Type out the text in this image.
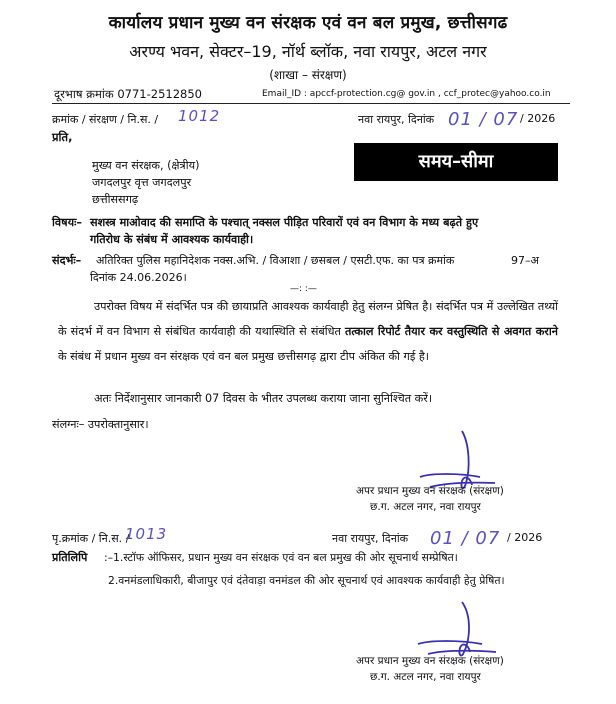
कार्यालय प्रधान मुख्य वन संरक्षक एवं वन बल प्रमुख, छत्तीसगढ
अरण्य भवन, सेक्टर–19, नॉर्थ ब्लॉक, नवा रायपुर, अटल नगर
(शाखा – संरक्षण)
दूरभाष क्रमांक 0771-2512850	Email_ID : apccf-protection.cg@ gov.in , ccf_protec@yahoo.co.in
क्रमांक / संरक्षण / नि.स. / 1012	नवा रायपुर, दिनांक 01 / 07 / 2026
प्रति,
मुख्य वन संरक्षक, (क्षेत्रीय)
जगदलपुर वृत्त जगदलपुर
छत्तीससगढ़
समय–सीमा
विषयः– सशस्त्र माओवाद की समाप्ति के पश्चात् नक्सल पीड़ित परिवारों एवं वन विभाग के मध्य बढ़ते हुए
गतिरोध के संबंध में आवश्यक कार्यवाही।
संदर्भः– अतिरिक्त पुलिस महानिदेशक नक्स.अभि. / विआशा / छसबल / एसटी.एफ. का पत्र क्रमांक	97–अ
दिनांक 24.06.2026।
—: :—
उपरोक्त विषय में संदर्भित पत्र की छायाप्रति आवश्यक कार्यवाही हेतु संलग्न प्रेषित है। संदर्भित पत्र में उल्लेखित तथ्यों के संदर्भ में वन विभाग से संबंधित कार्यवाही की यथास्थिति से संबंधित तत्काल रिपोर्ट तैयार कर वस्तुस्थिति से अवगत कराने के संबंध में प्रधान मुख्य वन संरक्षक एवं वन बल प्रमुख छत्तीसगढ़ द्वारा टीप अंकित की गई है।
अतः निर्देशानुसार जानकारी 07 दिवस के भीतर उपलब्ध कराया जाना सुनिश्चित करें।
संलग्नः– उपरोक्तानुसार।
अपर प्रधान मुख्य वन संरक्षक (संरक्षण)
छ.ग. अटल नगर, नवा रायपुर
पृ.क्रमांक / नि.स. /
1013	नवा रायपुर, दिनांक 01 / 07 / 2026
प्रतिलिपि :–1.स्टॉफ ऑफिसर, प्रधान मुख्य वन संरक्षक एवं वन बल प्रमुख की ओर सूचनार्थ सम्प्रेषित।
2.वनमंडलाधिकारी, बीजापुर एवं दंतेवाड़ा वनमंडल की ओर सूचनार्थ एवं आवश्यक कार्यवाही हेतु प्रेषित।
अपर प्रधान मुख्य वन संरक्षक (संरक्षण)
छ.ग. अटल नगर, नवा रायपुर
